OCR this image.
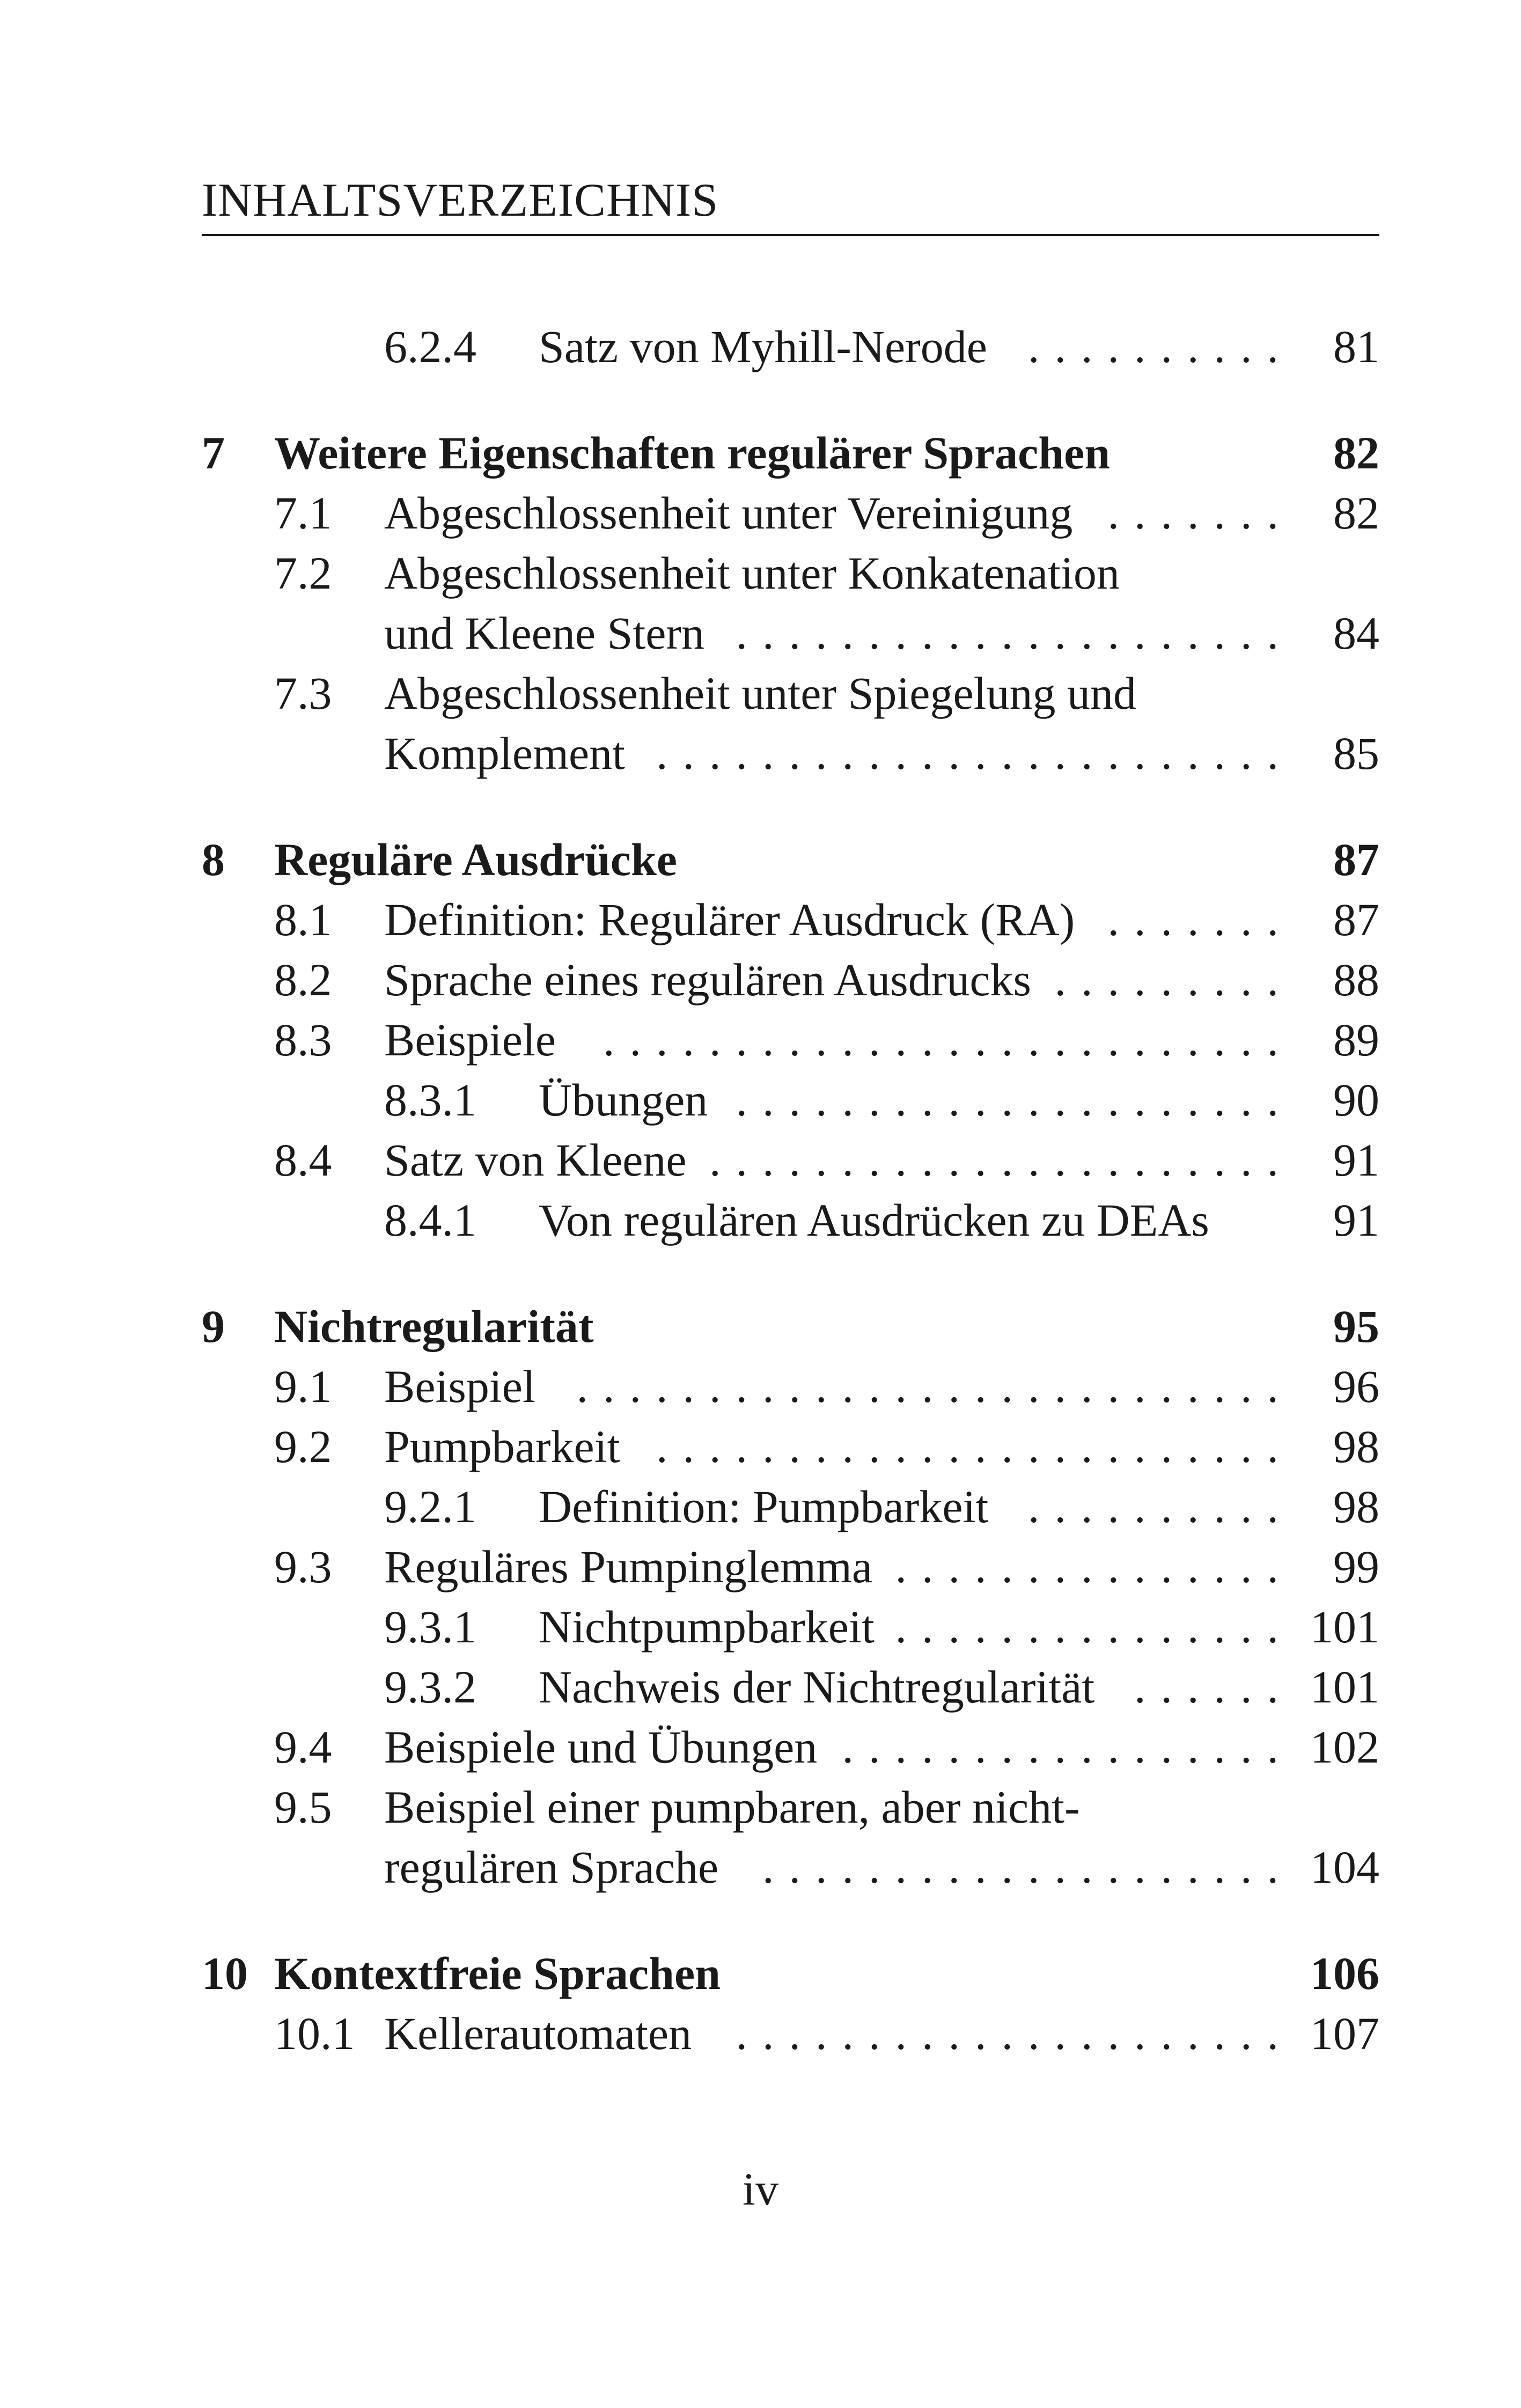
INHALTSVERZEICHNIS
6.2.4 Satz von Myhill-Nerode .......... 81
7 Weitere Eigenschaften regulärer Sprachen	82
7.1 Abgeschlossenheit unter Vereinigung ....... 82
7.2 Abgeschlossenheit unter Konkatenation
und Kleene Stern ..................... 84
7.3 Abgeschlossenheit unter Spiegelung und
Komplement ........................ 85
8 Reguläre Ausdrücke	87
8.1 Definition: Regulärer Ausdruck (RA) ....... 87
8.2 Sprache eines regulären Ausdrucks ......... 88
8.3 Beispiele	.......................... 89
8.3.1 Übungen ..................... 90
8.4 Satz von Kleene ...................... 91
8.4.1 Von regulären Ausdrücken zu DEAs	91
9 Nichtregularität	95
9.1 Beispiel ........................... 96
9.2 Pumpbarkeit ........................ 98
9.2.1 Definition: Pumpbarkeit .......... 98
9.3 Reguläres Pumpinglemma ............... 99
9.3.1 Nichtpumpbarkeit ............... 101
9.3.2 Nachweis der Nichtregularität ...... 101
9.4 Beispiele und Übungen ................. 102
9.5 Beispiel einer pumpbaren, aber nicht-
regulären Sprache .................... 104
10 Kontextfreie Sprachen	106
10.1 Kellerautomaten ..................... 107
iv
